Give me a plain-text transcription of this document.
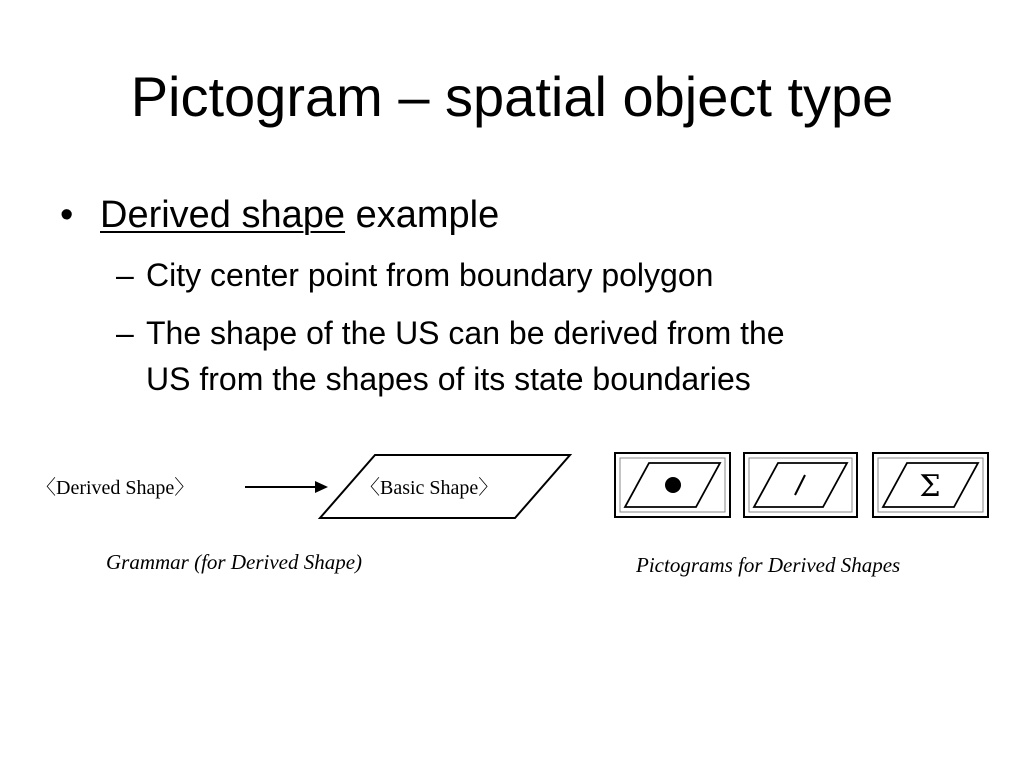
Pictogram – spatial object type
• Derived shape example
– City center point from boundary polygon
– The shape of the US can be derived from the
US from the shapes of its state boundaries
〈Derived Shape〉	〈Basic Shape〉
Grammar (for Derived Shape)
Σ
Pictograms for Derived Shapes
